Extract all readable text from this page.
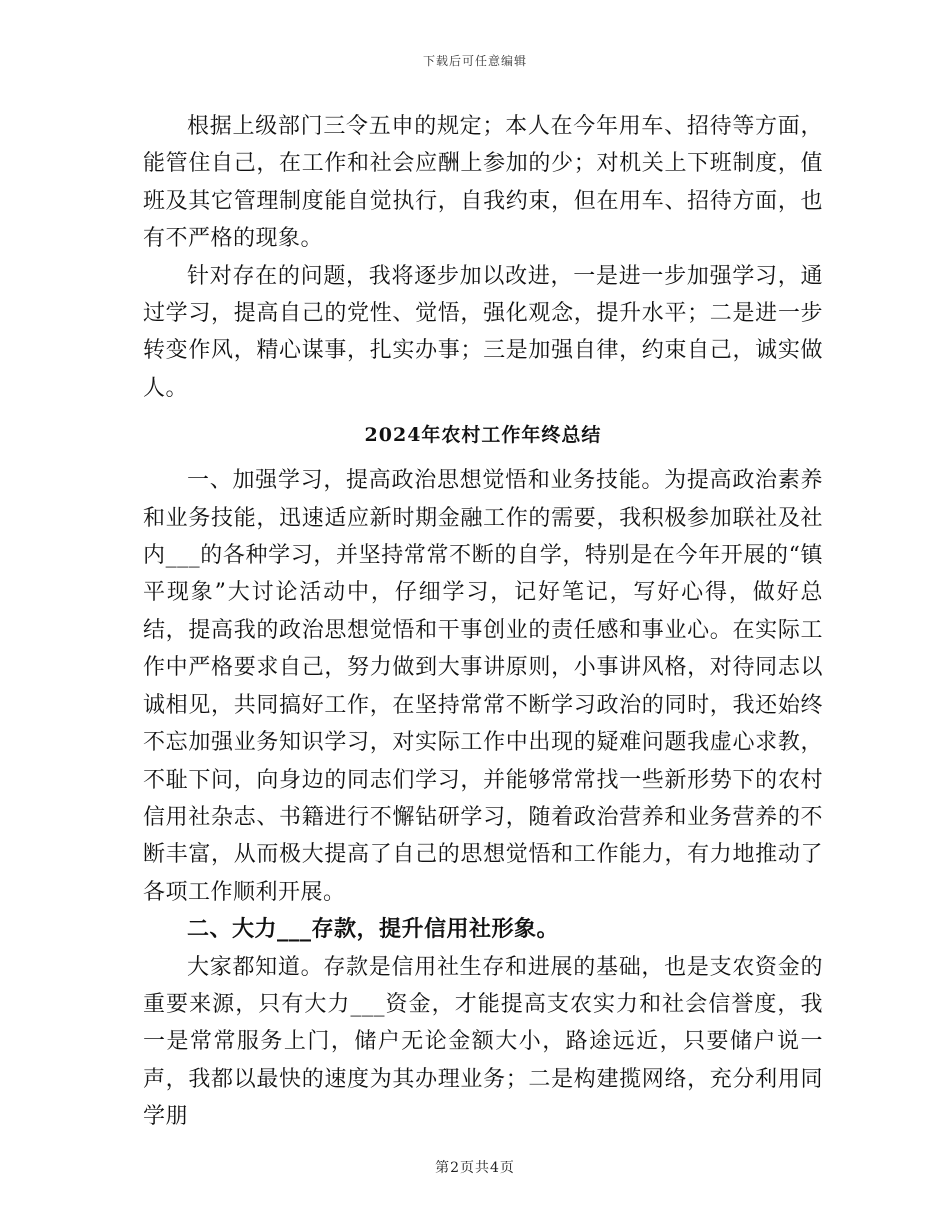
下载后可任意编辑

根据上级部门三令五申的规定；本人在今年用车、招待等方面，能管住自己，在工作和社会应酬上参加的少；对机关上下班制度，值班及其它管理制度能自觉执行，自我约束，但在用车、招待方面，也有不严格的现象。

针对存在的问题，我将逐步加以改进，一是进一步加强学习，通过学习，提高自己的党性、觉悟，强化观念，提升水平；二是进一步转变作风，精心谋事，扎实办事；三是加强自律，约束自己，诚实做人。

2024年农村工作年终总结

一、加强学习，提高政治思想觉悟和业务技能。为提高政治素养和业务技能，迅速适应新时期金融工作的需要，我积极参加联社及社内___的各种学习，并坚持常常不断的自学，特别是在今年开展的“镇平现象”大讨论活动中，仔细学习，记好笔记，写好心得，做好总结，提高我的政治思想觉悟和干事创业的责任感和事业心。在实际工作中严格要求自己，努力做到大事讲原则，小事讲风格，对待同志以诚相见，共同搞好工作，在坚持常常不断学习政治的同时，我还始终不忘加强业务知识学习，对实际工作中出现的疑难问题我虚心求教，不耻下问，向身边的同志们学习，并能够常常找一些新形势下的农村信用社杂志、书籍进行不懈钻研学习，随着政治营养和业务营养的不断丰富，从而极大提高了自己的思想觉悟和工作能力，有力地推动了各项工作顺利开展。

二、大力___存款，提升信用社形象。

大家都知道。存款是信用社生存和进展的基础，也是支农资金的重要来源，只有大力___资金，才能提高支农实力和社会信誉度，我一是常常服务上门，储户无论金额大小，路途远近，只要储户说一声，我都以最快的速度为其办理业务；二是构建揽网络，充分利用同学朋

第2页共4页
